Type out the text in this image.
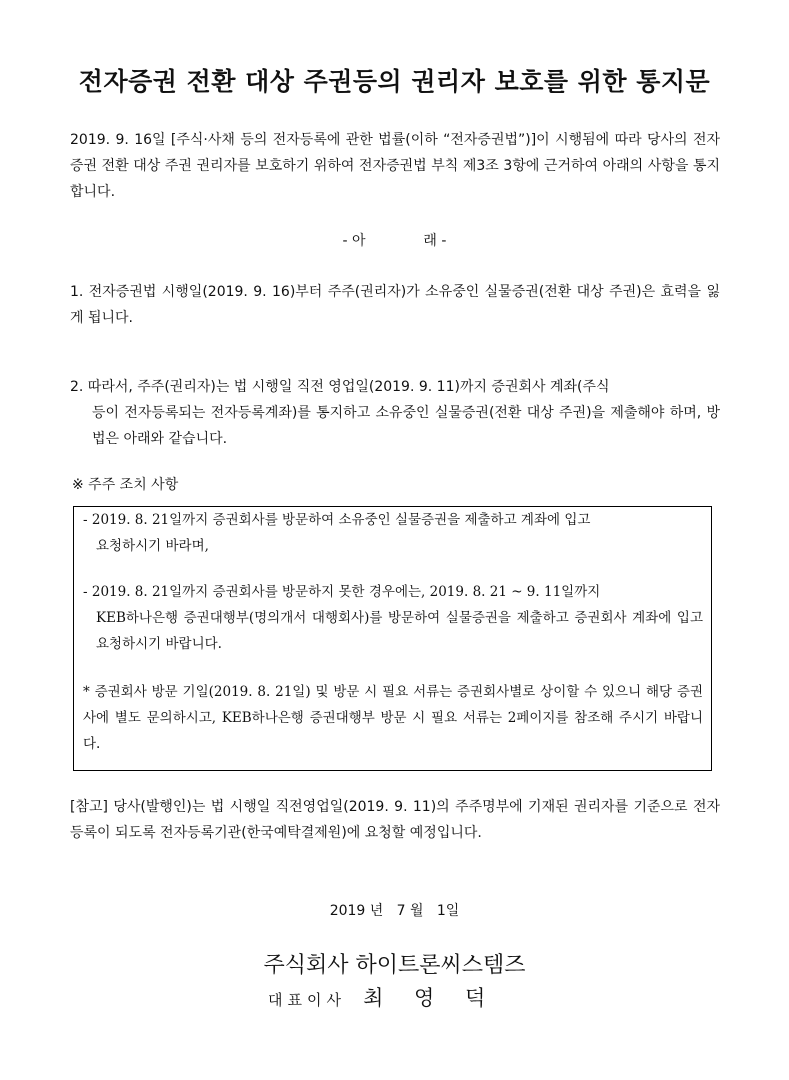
전자증권 전환 대상 주권등의 권리자 보호를 위한 통지문

2019. 9. 16일 [주식·사채 등의 전자등록에 관한 법률(이하 “전자증권법”)]이 시행됨에 따라 당사의 전자증권 전환 대상 주권 권리자를 보호하기 위하여 전자증권법 부칙 제3조 3항에 근거하여 아래의 사항을 통지합니다.

- 아             래 -

1. 전자증권법 시행일(2019. 9. 16)부터 주주(권리자)가 소유중인 실물증권(전환 대상 주권)은 효력을 잃게 됩니다.

2. 따라서, 주주(권리자)는 법 시행일 직전 영업일(2019. 9. 11)까지 증권회사 계좌(주식

등이 전자등록되는 전자등록계좌)를 통지하고 소유중인 실물증권(전환 대상 주권)을 제출해야 하며, 방법은 아래와 같습니다.

※ 주주 조치 사항

- 2019. 8. 21일까지 증권회사를 방문하여 소유중인 실물증권을 제출하고 계좌에 입고

요청하시기 바라며,

- 2019. 8. 21일까지 증권회사를 방문하지 못한 경우에는, 2019. 8. 21 ~ 9. 11일까지

KEB하나은행 증권대행부(명의개서 대행회사)를 방문하여 실물증권을 제출하고 증권회사 계좌에 입고 요청하시기 바랍니다.

* 증권회사 방문 기일(2019. 8. 21일) 및 방문 시 필요 서류는 증권회사별로 상이할 수 있으니 해당 증권사에 별도 문의하시고, KEB하나은행 증권대행부 방문 시 필요 서류는 2페이지를 참조해 주시기 바랍니다.

[참고] 당사(발행인)는 법 시행일 직전영업일(2019. 9. 11)의 주주명부에 기재된 권리자를 기준으로 전자등록이 되도록 전자등록기관(한국예탁결제원)에 요청할 예정입니다.

2019 년   7 월   1일
주식회사 하이트론씨스템즈
대표이사 최 영 덕
